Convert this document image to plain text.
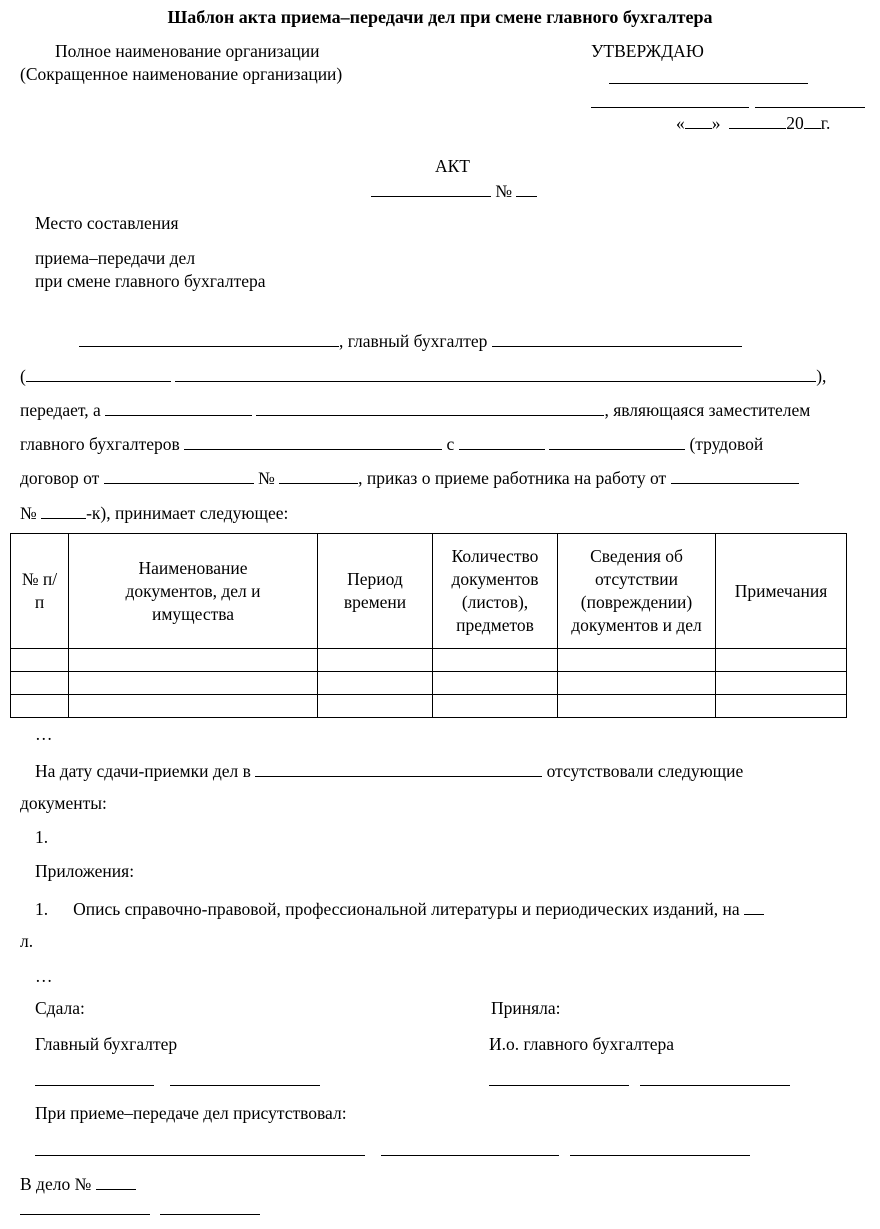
Шаблон акта приема–передачи дел при смене главного бухгалтера
Полное наименование организации
(Сокращенное наименование организации)
УТВЕРЖДАЮ
« »	20 г.
АКТ
№
Место составления
приема–передачи дел
при смене главного бухгалтера
, главный бухгалтер
(	),
передает, а	, являющаяся заместителем
главного бухгалтеров	с	(трудовой
договор от	№	, приказ о приеме работника на работу от
№	-к), принимает следующее:
№ п/ п	Наименование документов, дел и имущества	Период времени	Количество документов (листов), предметов	Сведения об отсутствии (повреждении) документов и дел	Примечания

…
На дату сдачи-приемки дел в	отсутствовали следующие
документы:
1.
Приложения:
1. Опись справочно-правовой, профессиональной литературы и периодических изданий, на
л.
…
Сдала:	Приняла:
Главный бухгалтер	И.о. главного бухгалтера
При приеме–передаче дел присутствовал:
В дело №
